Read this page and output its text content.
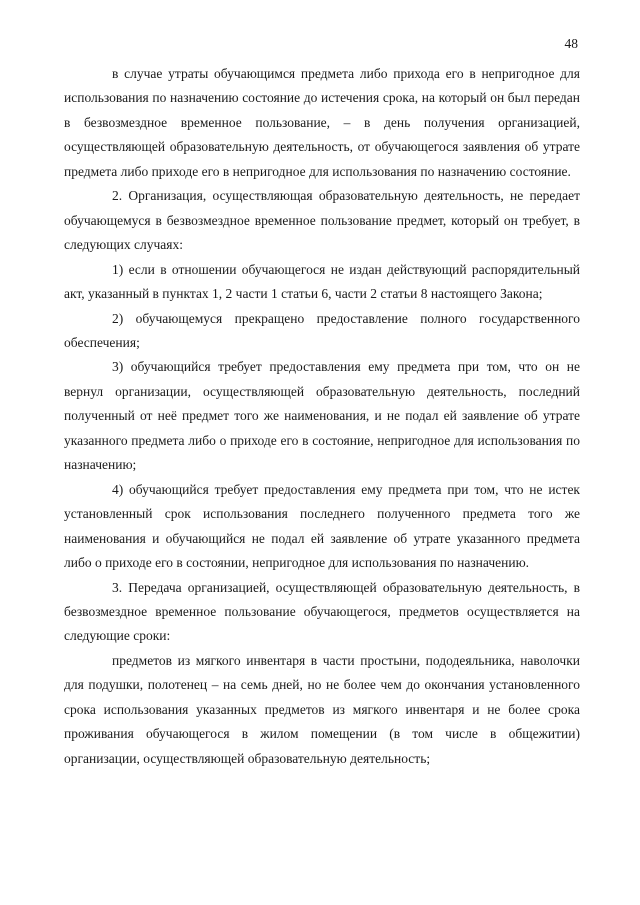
48

в случае утраты обучающимся предмета либо прихода его в непригодное для использования по назначению состояние до истечения срока, на который он был передан в безвозмездное временное пользование, – в день получения организацией, осуществляющей образовательную деятельность, от обучающегося заявления об утрате предмета либо приходе его в непригодное для использования по назначению состояние.

2. Организация, осуществляющая образовательную деятельность, не передает обучающемуся в безвозмездное временное пользование предмет, который он требует, в следующих случаях:

1) если в отношении обучающегося не издан действующий распорядительный акт, указанный в пунктах 1, 2 части 1 статьи 6, части 2 статьи 8 настоящего Закона;

2) обучающемуся прекращено предоставление полного государственного обеспечения;

3) обучающийся требует предоставления ему предмета при том, что он не вернул организации, осуществляющей образовательную деятельность, последний полученный от неё предмет того же наименования, и не подал ей заявление об утрате указанного предмета либо о приходе его в состояние, непригодное для использования по назначению;

4) обучающийся требует предоставления ему предмета при том, что не истек установленный срок использования последнего полученного предмета того же наименования и обучающийся не подал ей заявление об утрате указанного предмета либо о приходе его в состоянии, непригодное для использования по назначению.

3. Передача организацией, осуществляющей образовательную деятельность, в безвозмездное временное пользование обучающегося, предметов осуществляется на следующие сроки:

предметов из мягкого инвентаря в части простыни, пододеяльника, наволочки для подушки, полотенец – на семь дней, но не более чем до окончания установленного срока использования указанных предметов из мягкого инвентаря и не более срока проживания обучающегося в жилом помещении (в том числе в общежитии) организации, осуществляющей образовательную деятельность;
